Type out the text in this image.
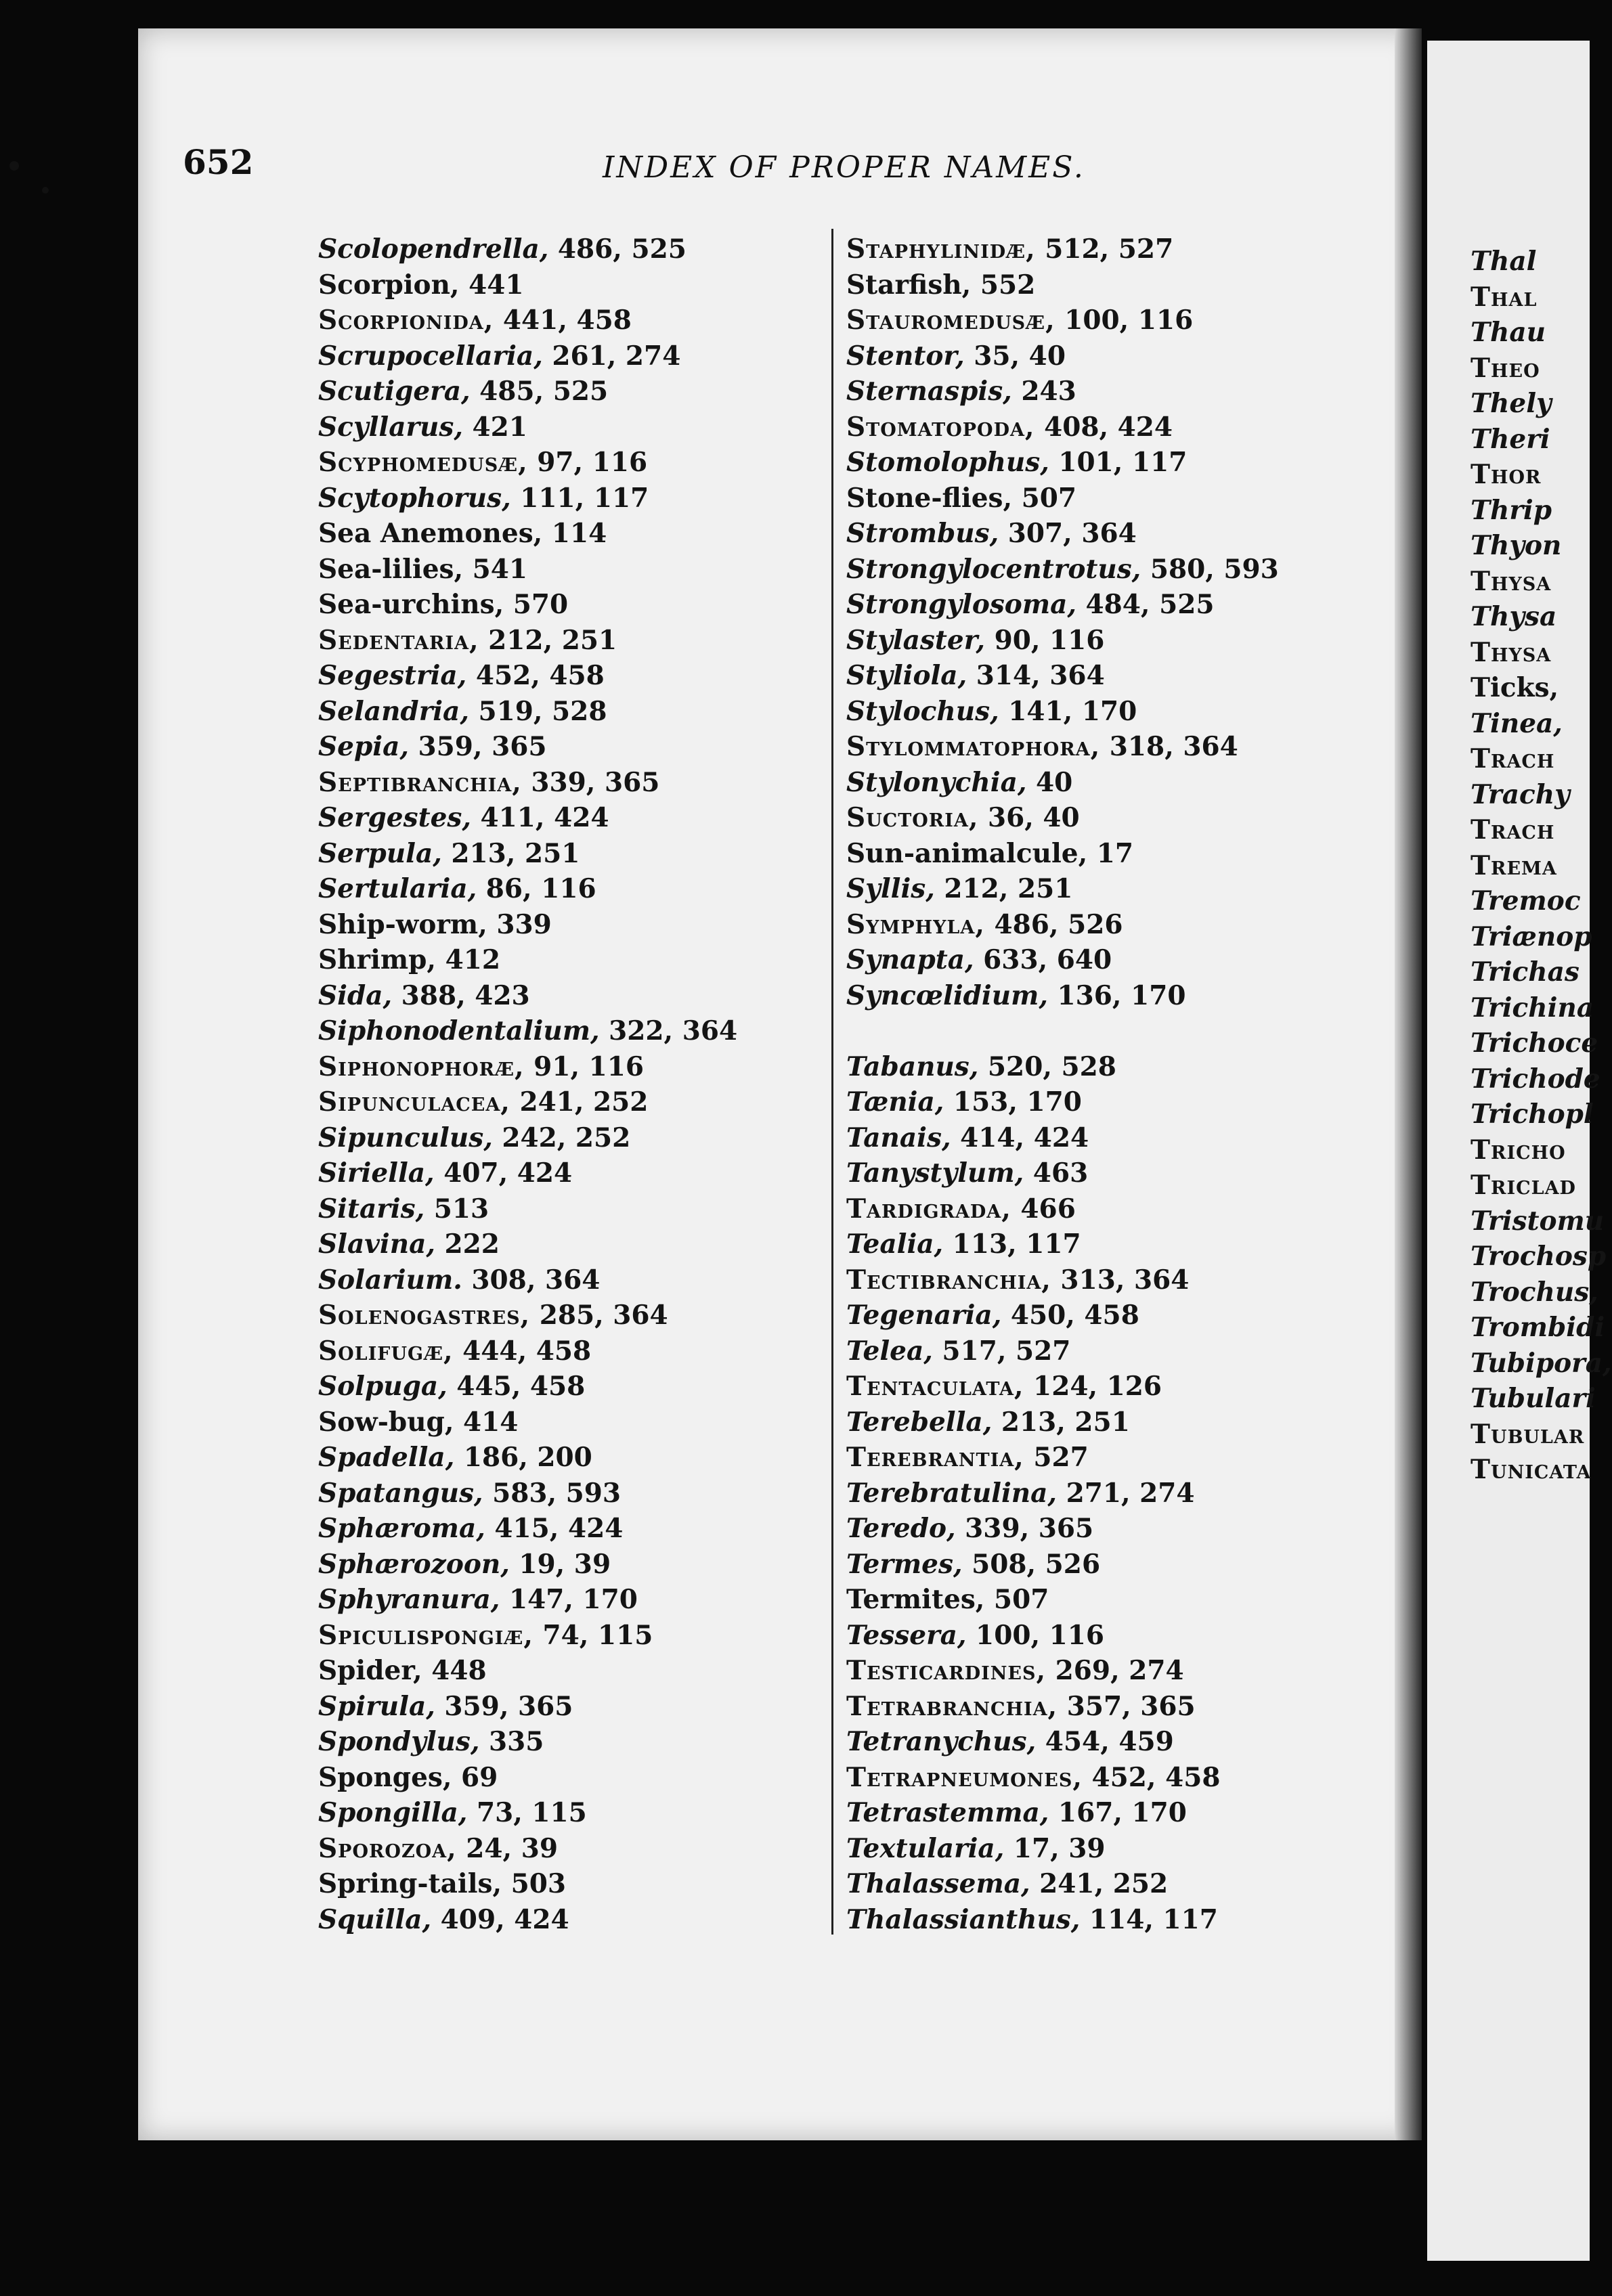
652	INDEX OF PROPER NAMES.
Scolopendrella, 486, 525
Scorpion, 441
Scorpionida, 441, 458
Scrupocellaria, 261, 274
Scutigera, 485, 525
Scyllarus, 421
Scyphomedusæ, 97, 116
Scytophorus, 111, 117
Sea Anemones, 114
Sea-lilies, 541
Sea-urchins, 570
Sedentaria, 212, 251
Segestria, 452, 458
Selandria, 519, 528
Sepia, 359, 365
Septibranchia, 339, 365
Sergestes, 411, 424
Serpula, 213, 251
Sertularia, 86, 116
Ship-worm, 339
Shrimp, 412
Sida, 388, 423
Siphonodentalium, 322, 364
Siphonophoræ, 91, 116
Sipunculacea, 241, 252
Sipunculus, 242, 252
Siriella, 407, 424
Sitaris, 513
Slavina, 222
Solarium. 308, 364
Solenogastres, 285, 364
Solifugæ, 444, 458
Solpuga, 445, 458
Sow-bug, 414
Spadella, 186, 200
Spatangus, 583, 593
Sphæroma, 415, 424
Sphærozoon, 19, 39
Sphyranura, 147, 170
Spiculispongiæ, 74, 115
Spider, 448
Spirula, 359, 365
Spondylus, 335
Sponges, 69
Spongilla, 73, 115
Sporozoa, 24, 39
Spring-tails, 503
Squilla, 409, 424
Staphylinidæ, 512, 527
Starfish, 552
Stauromedusæ, 100, 116
Stentor, 35, 40
Sternaspis, 243
Stomatopoda, 408, 424
Stomolophus, 101, 117
Stone-flies, 507
Strombus, 307, 364
Strongylocentrotus, 580, 593
Strongylosoma, 484, 525
Stylaster, 90, 116
Styliola, 314, 364
Stylochus, 141, 170
Stylommatophora, 318, 364
Stylonychia, 40
Suctoria, 36, 40
Sun-animalcule, 17
Syllis, 212, 251
Symphyla, 486, 526
Synapta, 633, 640
Syncœlidium, 136, 170
Tabanus, 520, 528
Tænia, 153, 170
Tanais, 414, 424
Tanystylum, 463
Tardigrada, 466
Tealia, 113, 117
Tectibranchia, 313, 364
Tegenaria, 450, 458
Telea, 517, 527
Tentaculata, 124, 126
Terebella, 213, 251
Terebrantia, 527
Terebratulina, 271, 274
Teredo, 339, 365
Termes, 508, 526
Termites, 507
Tessera, 100, 116
Testicardines, 269, 274
Tetrabranchia, 357, 365
Tetranychus, 454, 459
Tetrapneumones, 452, 458
Tetrastemma, 167, 170
Textularia, 17, 39
Thalassema, 241, 252
Thalassianthus, 114, 117
Thal
Thal
Thau
Theo
Thely
Theri
Thor
Thrip
Thyon
Thysa
Thysa
Thysa
Ticks,
Tinea,
Trach
Trachy
Trach
Trema
Tremoc
Triænop
Trichas
Trichina
Trichoce
Trichode
Trichopl
Tricho
Triclad
Tristomu
Trochosp
Trochus,
Trombidi
Tubipora,
Tubulari
Tubular
Tunicata
